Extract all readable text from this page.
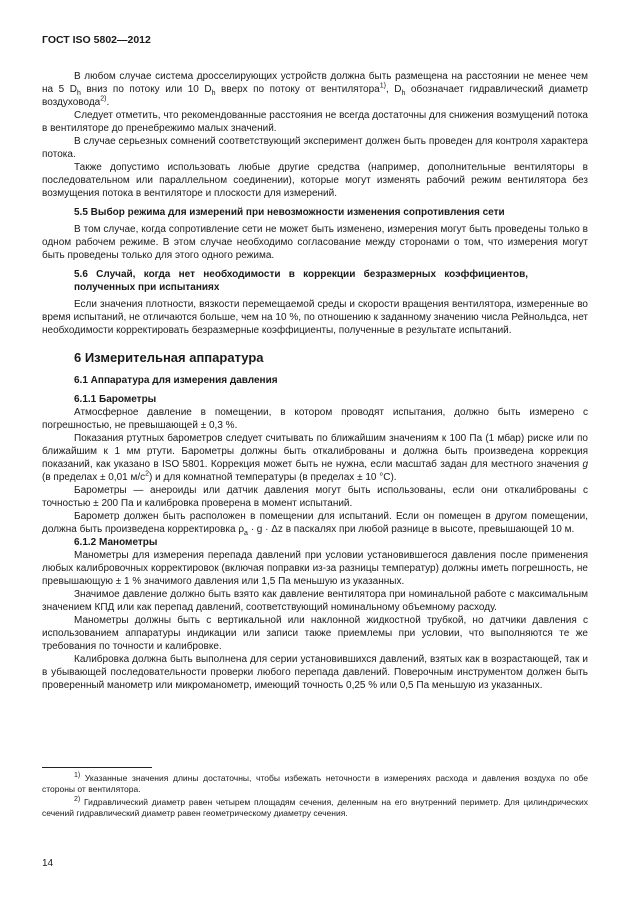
ГОСТ ISO 5802—2012

В любом случае система дросселирующих устройств должна быть размещена на расстоянии не менее чем на 5 $D_h$ вниз по потоку или 10 $D_h$ вверх по потоку от вентилятора$^{1)}$, $D_h$ обозначает гидравлический диаметр воздуховода$^{2)}$.

Следует отметить, что рекомендованные расстояния не всегда достаточны для снижения возмущений потока в вентиляторе до пренебрежимо малых значений.

В случае серьезных сомнений соответствующий эксперимент должен быть проведен для контроля характера потока.

Также допустимо использовать любые другие средства (например, дополнительные вентиляторы в последовательном или параллельном соединении), которые могут изменять рабочий режим вентилятора без возмущения потока в вентиляторе и плоскости для измерений.

5.5 Выбор режима для измерений при невозможности изменения сопротивления сети

В том случае, когда сопротивление сети не может быть изменено, измерения могут быть проведены только в одном рабочем режиме. В этом случае необходимо согласование между сторонами о том, что измерения могут быть проведены только для этого одного режима.

5.6 Случай, когда нет необходимости в коррекции безразмерных коэффициентов, полученных при испытаниях

Если значения плотности, вязкости перемещаемой среды и скорости вращения вентилятора, измеренные во время испытаний, не отличаются больше, чем на 10 %, по отношению к заданному значению числа Рейнольдса, нет необходимости корректировать безразмерные коэффициенты, полученные в результате испытаний.

6 Измерительная аппаратура

6.1 Аппаратура для измерения давления

6.1.1 Барометры

Атмосферное давление в помещении, в котором проводят испытания, должно быть измерено с погрешностью, не превышающей ± 0,3 %.

Показания ртутных барометров следует считывать по ближайшим значениям к 100 Па (1 мбар) риске или по ближайшим к 1 мм ртути. Барометры должны быть откалиброваны и должна быть произведена коррекция показаний, как указано в ISO 5801. Коррекция может быть не нужна, если масштаб задан для местного значения g (в пределах ± 0,01 $м/с^2$) и для комнатной температуры (в пределах ± 10 °С).

Барометры — анероиды или датчик давления могут быть использованы, если они откалиброваны с точностью ± 200 Па и калибровка проверена в момент испытаний.

Барометр должен быть расположен в помещении для испытаний. Если он помещен в другом помещении, должна быть произведена корректировка $\rho_a \cdot g \cdot \Delta z$ в паскалях при любой разнице в высоте, превышающей 10 м.

6.1.2 Манометры

Манометры для измерения перепада давлений при условии установившегося давления после применения любых калибровочных корректировок (включая поправки из-за разницы температур) должны иметь погрешность, не превышающую ± 1 % значимого давления или 1,5 Па меньшую из указанных.

Значимое давление должно быть взято как давление вентилятора при номинальной работе с максимальным значением КПД или как перепад давлений, соответствующий номинальному объемному расходу.

Манометры должны быть с вертикальной или наклонной жидкостной трубкой, но датчики давления с использованием аппаратуры индикации или записи также приемлемы при условии, что выполняются те же требования по точности и калибровке.

Калибровка должна быть выполнена для серии установившихся давлений, взятых как в возрастающей, так и в убывающей последовательности проверки любого перепада давлений. Поверочным инструментом должен быть проверенный манометр или микроманометр, имеющий точность 0,25 % или 0,5 Па меньшую из указанных.

$^{1)}$ Указанные значения длины достаточны, чтобы избежать неточности в измерениях расхода и давления воздуха по обе стороны от вентилятора.

$^{2)}$ Гидравлический диаметр равен четырем площадям сечения, деленным на его внутренний периметр. Для цилиндрических сечений гидравлический диаметр равен геометрическому диаметру сечения.

14
